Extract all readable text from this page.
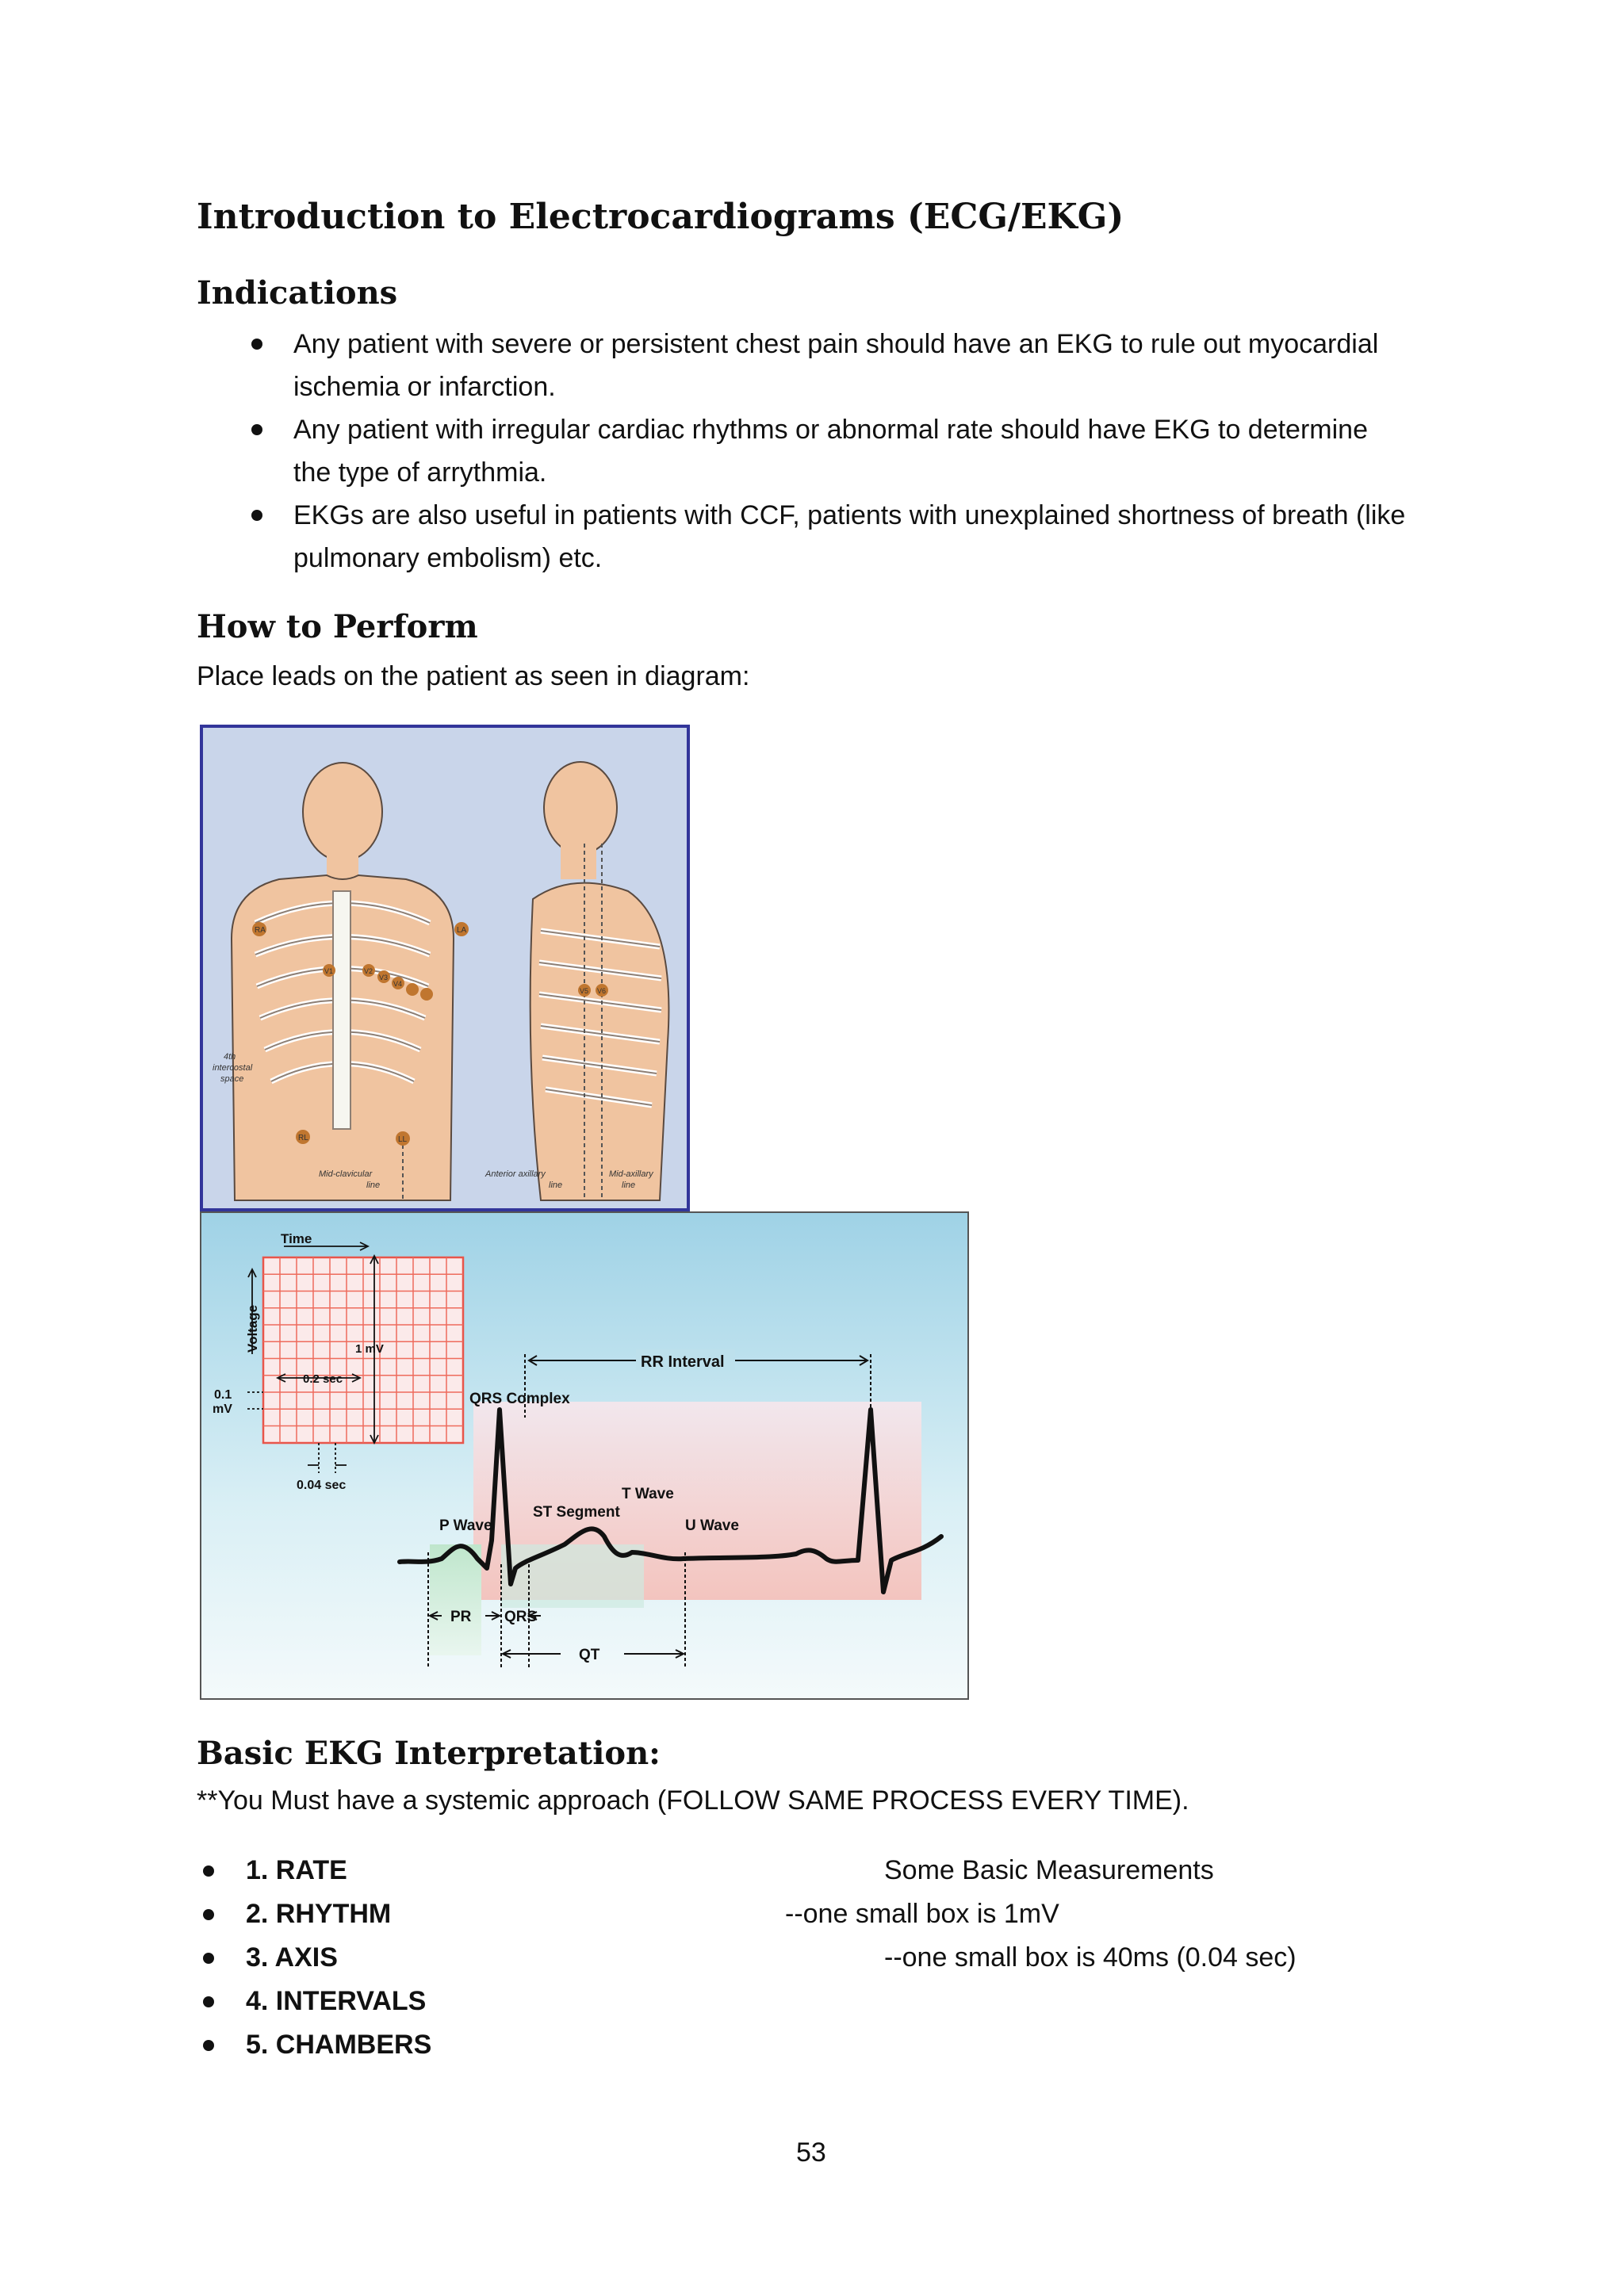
Introduction to Electrocardiograms (ECG/EKG)
Indications
Any patient with severe or persistent chest pain should have an EKG to rule out myocardial
ischemia or infarction.
Any patient with irregular cardiac rhythms or abnormal rate should have EKG to determine
the type of arrythmia.
EKGs are also useful in patients with CCF, patients with unexplained shortness of breath (like
pulmonary embolism) etc.
How to Perform
Place leads on the patient as seen in diagram:
RA	LA
RL	LL
V1	V2
V3
V4
V5 V6
4th
intercostal
space
Mid-clavicular
line
Anterior axillary
line
Mid-axillary
line
Time
Voltage	1 mV
0.2 sec
0.1
mV
0.04 sec
RR Interval
QRS Complex
T Wave
ST Segment
P Wave	U Wave
PR QRS
QT
Basic EKG Interpretation:
**You Must have a systemic approach (FOLLOW SAME PROCESS EVERY TIME).
1. RATE
2. RHYTHM
3. AXIS
4. INTERVALS
5. CHAMBERS
Some Basic Measurements
--one small box is 1mV
--one small box is 40ms (0.04 sec)
53
